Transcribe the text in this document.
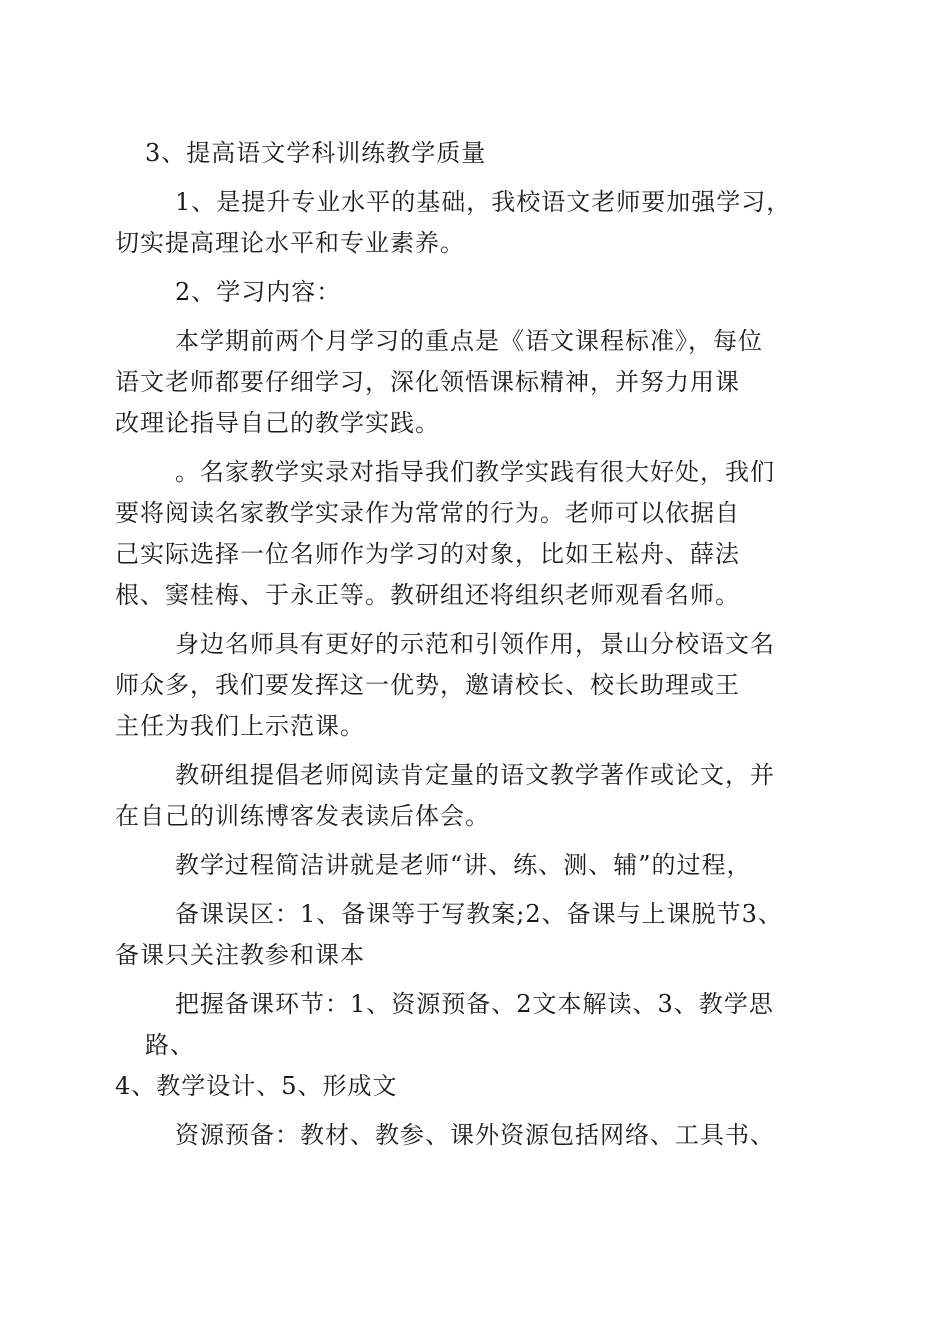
3、提高语文学科训练教学质量

1、是提升专业水平的基础，我校语文老师要加强学习，
切实提高理论水平和专业素养。

2、学习内容：

本学期前两个月学习的重点是《语文课程标准》，每位
语文老师都要仔细学习，深化领悟课标精神，并努力用课
改理论指导自己的教学实践。

。名家教学实录对指导我们教学实践有很大好处，我们
要将阅读名家教学实录作为常常的行为。老师可以依据自
己实际选择一位名师作为学习的对象，比如王崧舟、薛法
根、窦桂梅、于永正等。教研组还将组织老师观看名师。

身边名师具有更好的示范和引领作用，景山分校语文名
师众多，我们要发挥这一优势，邀请校长、校长助理或王
主任为我们上示范课。

教研组提倡老师阅读肯定量的语文教学著作或论文，并
在自己的训练博客发表读后体会。

教学过程简洁讲就是老师“讲、练、测、辅”的过程，

备课误区：1、备课等于写教案;2、备课与上课脱节3、
备课只关注教参和课本

把握备课环节：1、资源预备、2文本解读、3、教学思路、
4、教学设计、5、形成文

资源预备：教材、教参、课外资源包括网络、工具书、
